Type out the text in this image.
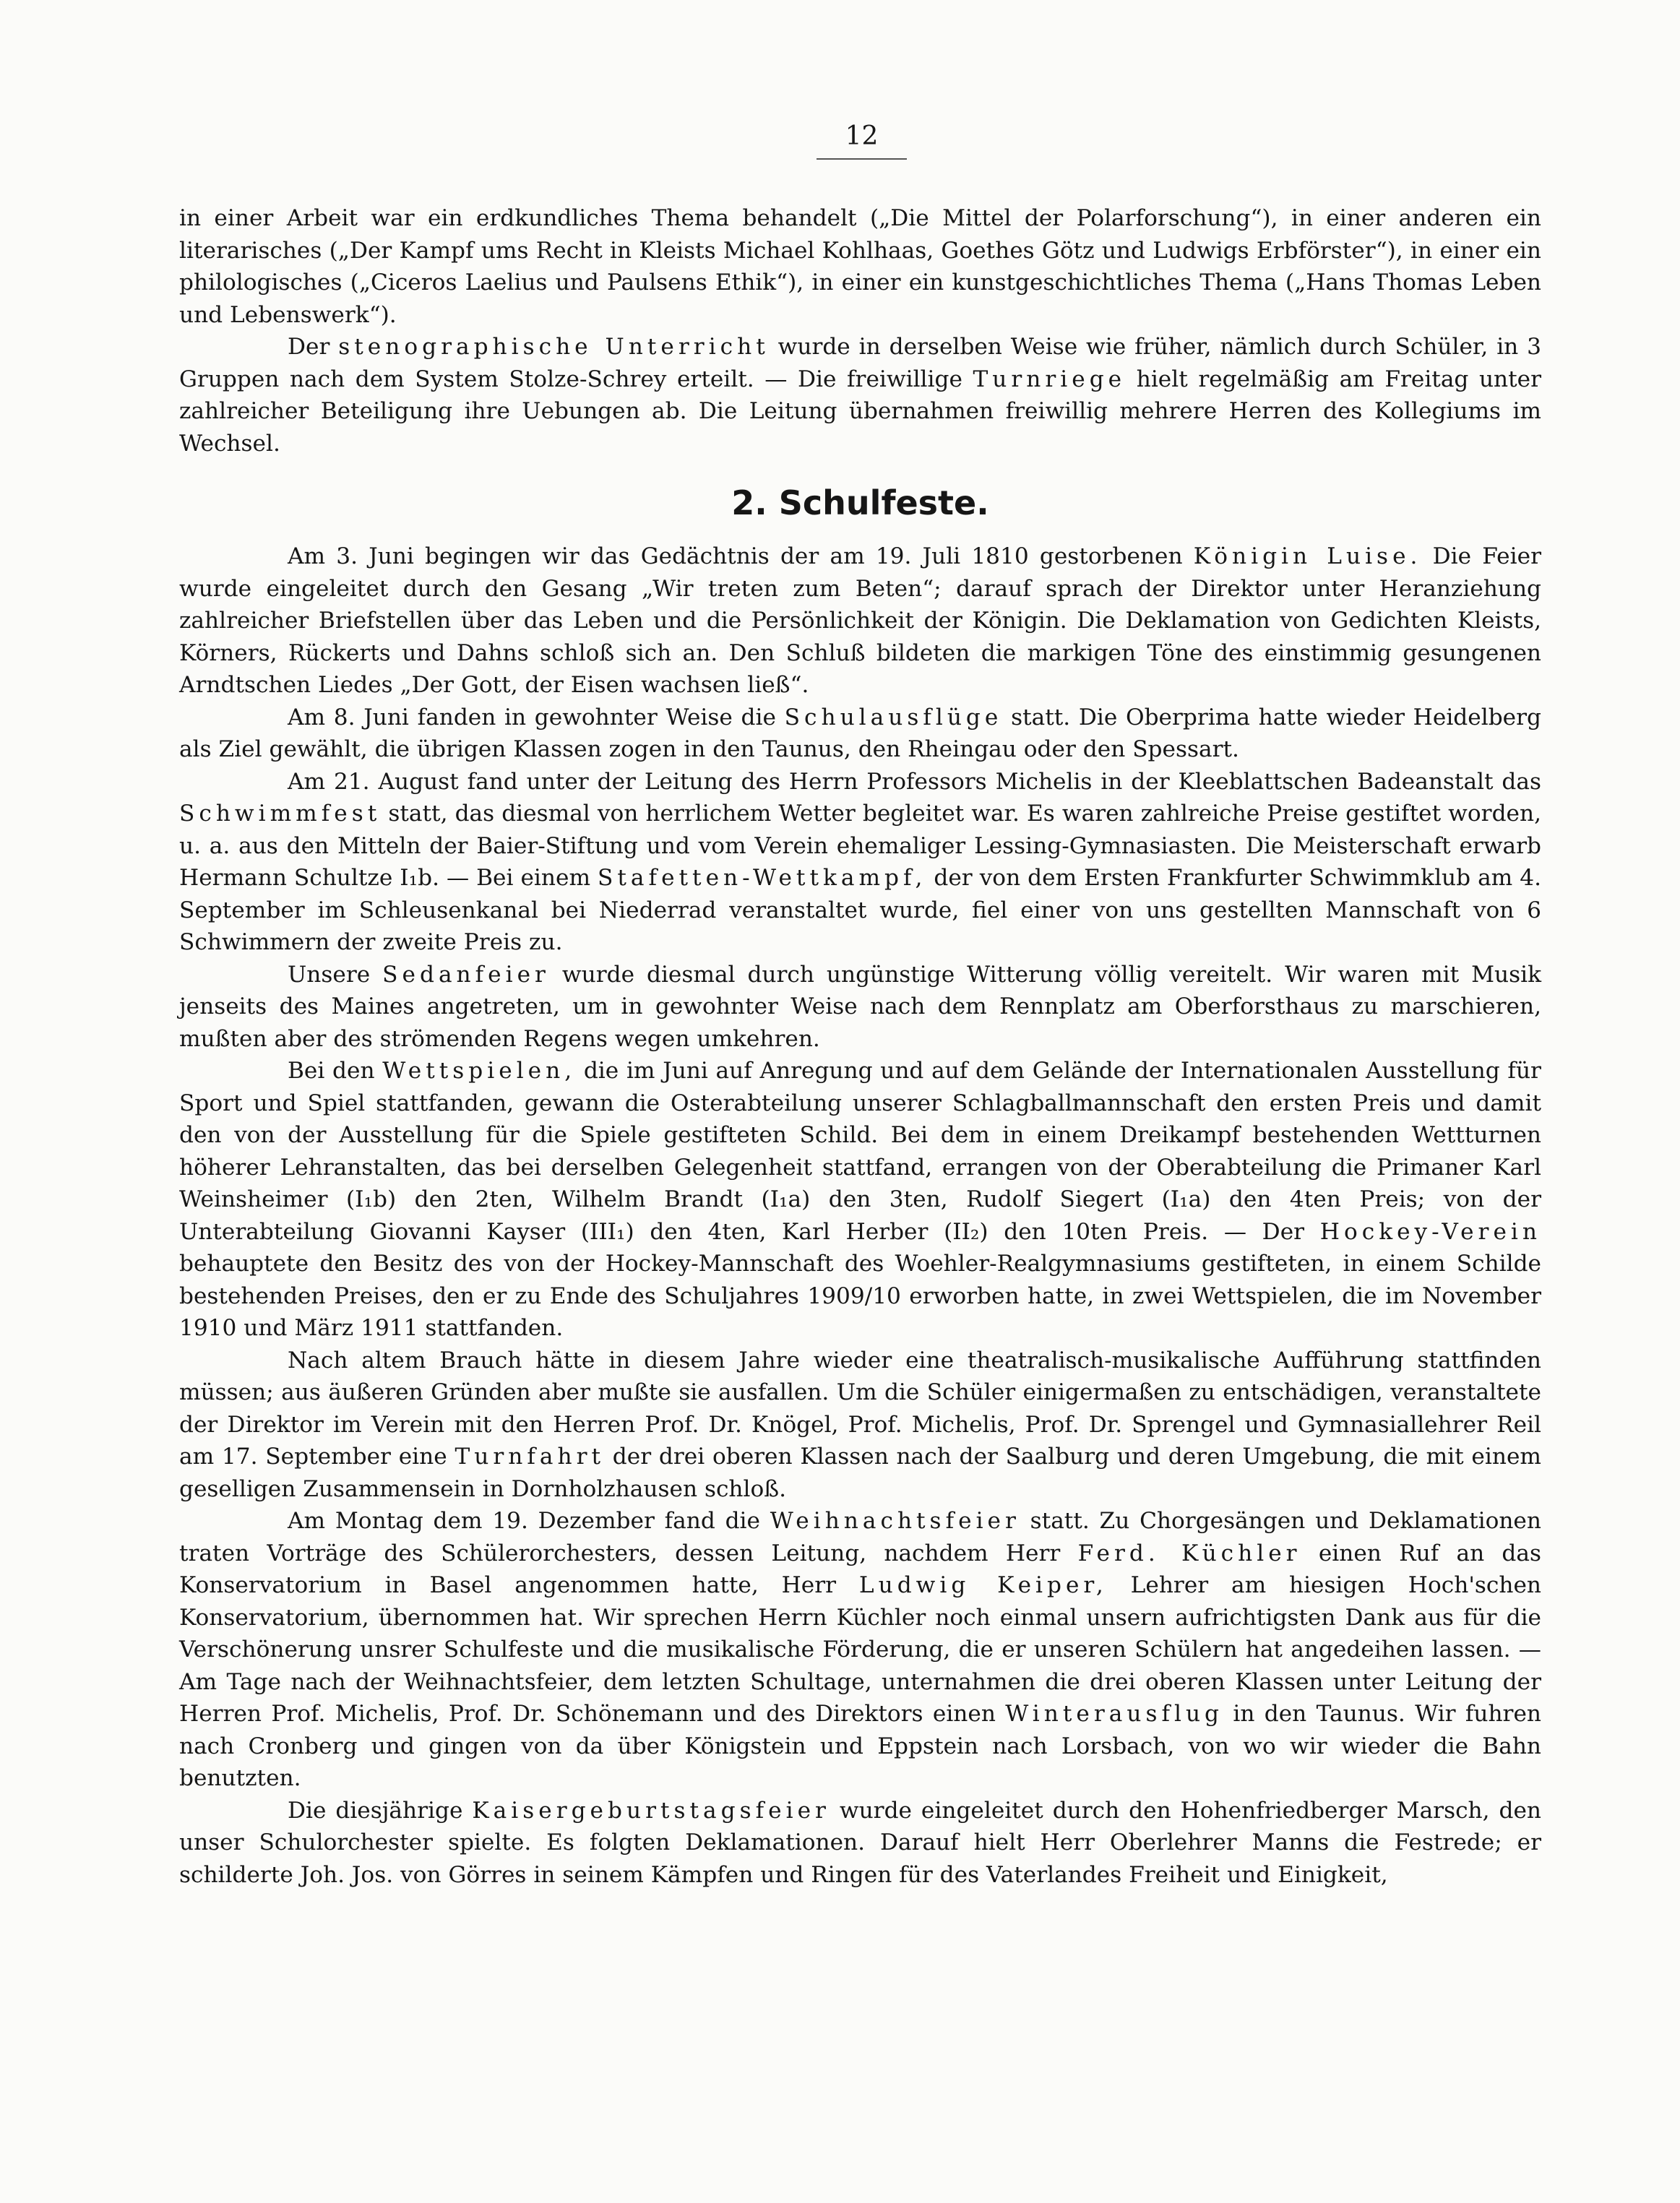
12

in einer Arbeit war ein erdkundliches Thema behandelt („Die Mittel der Polarforschung“), in einer anderen ein literarisches („Der Kampf ums Recht in Kleists Michael Kohlhaas, Goethes Götz und Ludwigs Erbförster“), in einer ein philologisches („Ciceros Laelius und Paulsens Ethik“), in einer ein kunstgeschichtliches Thema („Hans Thomas Leben und Lebenswerk“).

Der stenographische Unterricht wurde in derselben Weise wie früher, nämlich durch Schüler, in 3 Gruppen nach dem System Stolze-Schrey erteilt. — Die freiwillige Turnriege hielt regelmäßig am Freitag unter zahlreicher Beteiligung ihre Uebungen ab. Die Leitung übernahmen freiwillig mehrere Herren des Kollegiums im Wechsel.

2. Schulfeste.

Am 3. Juni begingen wir das Gedächtnis der am 19. Juli 1810 gestorbenen Königin Luise. Die Feier wurde eingeleitet durch den Gesang „Wir treten zum Beten“; darauf sprach der Direktor unter Heranziehung zahlreicher Briefstellen über das Leben und die Persönlichkeit der Königin. Die Deklamation von Gedichten Kleists, Körners, Rückerts und Dahns schloß sich an. Den Schluß bildeten die markigen Töne des einstimmig gesungenen Arndtschen Liedes „Der Gott, der Eisen wachsen ließ“.

Am 8. Juni fanden in gewohnter Weise die Schulausflüge statt. Die Oberprima hatte wieder Heidelberg als Ziel gewählt, die übrigen Klassen zogen in den Taunus, den Rheingau oder den Spessart.

Am 21. August fand unter der Leitung des Herrn Professors Michelis in der Kleeblattschen Badeanstalt das Schwimmfest statt, das diesmal von herrlichem Wetter begleitet war. Es waren zahlreiche Preise gestiftet worden, u. a. aus den Mitteln der Baier-Stiftung und vom Verein ehemaliger Lessing-Gymnasiasten. Die Meisterschaft erwarb Hermann Schultze I₁b. — Bei einem Stafetten-Wettkampf, der von dem Ersten Frankfurter Schwimmklub am 4. September im Schleusenkanal bei Niederrad veranstaltet wurde, fiel einer von uns gestellten Mannschaft von 6 Schwimmern der zweite Preis zu.

Unsere Sedanfeier wurde diesmal durch ungünstige Witterung völlig vereitelt. Wir waren mit Musik jenseits des Maines angetreten, um in gewohnter Weise nach dem Rennplatz am Oberforsthaus zu marschieren, mußten aber des strömenden Regens wegen umkehren.

Bei den Wettspielen, die im Juni auf Anregung und auf dem Gelände der Internationalen Ausstellung für Sport und Spiel stattfanden, gewann die Osterabteilung unserer Schlagballmannschaft den ersten Preis und damit den von der Ausstellung für die Spiele gestifteten Schild. Bei dem in einem Dreikampf bestehenden Wettturnen höherer Lehranstalten, das bei derselben Gelegenheit stattfand, errangen von der Oberabteilung die Primaner Karl Weinsheimer (I₁b) den 2ten, Wilhelm Brandt (I₁a) den 3ten, Rudolf Siegert (I₁a) den 4ten Preis; von der Unterabteilung Giovanni Kayser (III₁) den 4ten, Karl Herber (II₂) den 10ten Preis. — Der Hockey-Verein behauptete den Besitz des von der Hockey-Mannschaft des Woehler-Realgymnasiums gestifteten, in einem Schilde bestehenden Preises, den er zu Ende des Schuljahres 1909/10 erworben hatte, in zwei Wettspielen, die im November 1910 und März 1911 stattfanden.

Nach altem Brauch hätte in diesem Jahre wieder eine theatralisch-musikalische Aufführung stattfinden müssen; aus äußeren Gründen aber mußte sie ausfallen. Um die Schüler einigermaßen zu entschädigen, veranstaltete der Direktor im Verein mit den Herren Prof. Dr. Knögel, Prof. Michelis, Prof. Dr. Sprengel und Gymnasiallehrer Reil am 17. September eine Turnfahrt der drei oberen Klassen nach der Saalburg und deren Umgebung, die mit einem geselligen Zusammensein in Dornholzhausen schloß.

Am Montag dem 19. Dezember fand die Weihnachtsfeier statt. Zu Chorgesängen und Deklamationen traten Vorträge des Schülerorchesters, dessen Leitung, nachdem Herr Ferd. Küchler einen Ruf an das Konservatorium in Basel angenommen hatte, Herr Ludwig Keiper, Lehrer am hiesigen Hoch'schen Konservatorium, übernommen hat. Wir sprechen Herrn Küchler noch einmal unsern aufrichtigsten Dank aus für die Verschönerung unsrer Schulfeste und die musikalische Förderung, die er unseren Schülern hat angedeihen lassen. — Am Tage nach der Weihnachtsfeier, dem letzten Schultage, unternahmen die drei oberen Klassen unter Leitung der Herren Prof. Michelis, Prof. Dr. Schönemann und des Direktors einen Winterausflug in den Taunus. Wir fuhren nach Cronberg und gingen von da über Königstein und Eppstein nach Lorsbach, von wo wir wieder die Bahn benutzten.

Die diesjährige Kaisergeburtstagsfeier wurde eingeleitet durch den Hohenfriedberger Marsch, den unser Schulorchester spielte. Es folgten Deklamationen. Darauf hielt Herr Oberlehrer Manns die Festrede; er schilderte Joh. Jos. von Görres in seinem Kämpfen und Ringen für des Vaterlandes Freiheit und Einigkeit,
